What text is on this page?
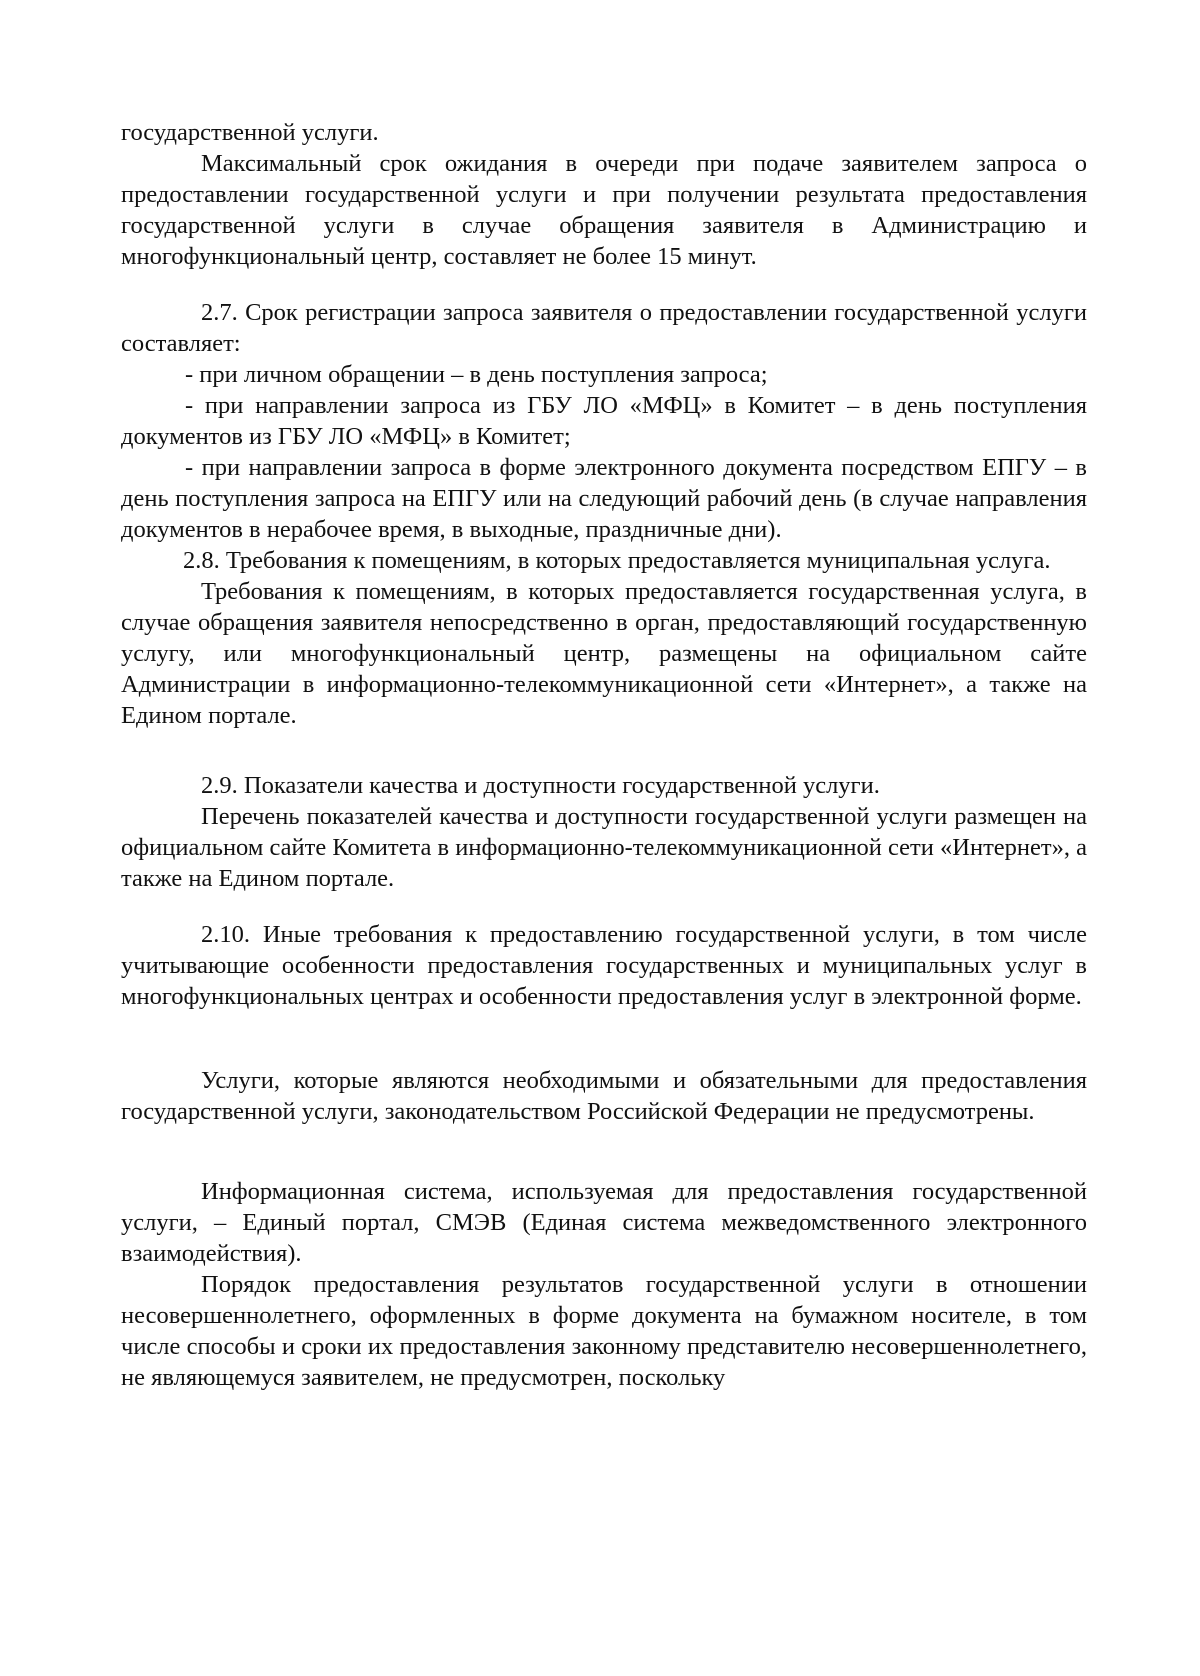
государственной услуги.

Максимальный срок ожидания в очереди при подаче заявителем запроса о предоставлении государственной услуги и при получении результата предоставления государственной услуги в случае обращения заявителя в Администрацию и многофункциональный центр, составляет не более 15 минут.

2.7. Срок регистрации запроса заявителя о предоставлении государственной услуги составляет:

- при личном обращении – в день поступления запроса;

- при направлении запроса из ГБУ ЛО «МФЦ» в Комитет – в день поступления документов из ГБУ ЛО «МФЦ» в Комитет;

- при направлении запроса в форме электронного документа посредством ЕПГУ – в день поступления запроса на ЕПГУ или на следующий рабочий день (в случае направления документов в нерабочее время, в выходные, праздничные дни).

2.8. Требования к помещениям, в которых предоставляется муниципальная услуга.

Требования к помещениям, в которых предоставляется государственная услуга, в случае обращения заявителя непосредственно в орган, предоставляющий государственную услугу, или многофункциональный центр, размещены на официальном сайте Администрации в информационно-телекоммуникационной сети «Интернет», а также на Едином портале.

2.9. Показатели качества и доступности государственной услуги.

Перечень показателей качества и доступности государственной услуги размещен на официальном сайте Комитета в информационно-телекоммуникационной сети «Интернет», а также на Едином портале.

2.10. Иные требования к предоставлению государственной услуги, в том числе учитывающие особенности предоставления государственных и муниципальных услуг в многофункциональных центрах и особенности предоставления услуг в электронной форме.

Услуги, которые являются необходимыми и обязательными для предоставления государственной услуги, законодательством Российской Федерации не предусмотрены.

Информационная система, используемая для предоставления государственной услуги, – Единый портал, СМЭВ (Единая система межведомственного электронного взаимодействия).

Порядок предоставления результатов государственной услуги в отношении несовершеннолетнего, оформленных в форме документа на бумажном носителе, в том числе способы и сроки их предоставления законному представителю несовершеннолетнего, не являющемуся заявителем, не предусмотрен, поскольку
